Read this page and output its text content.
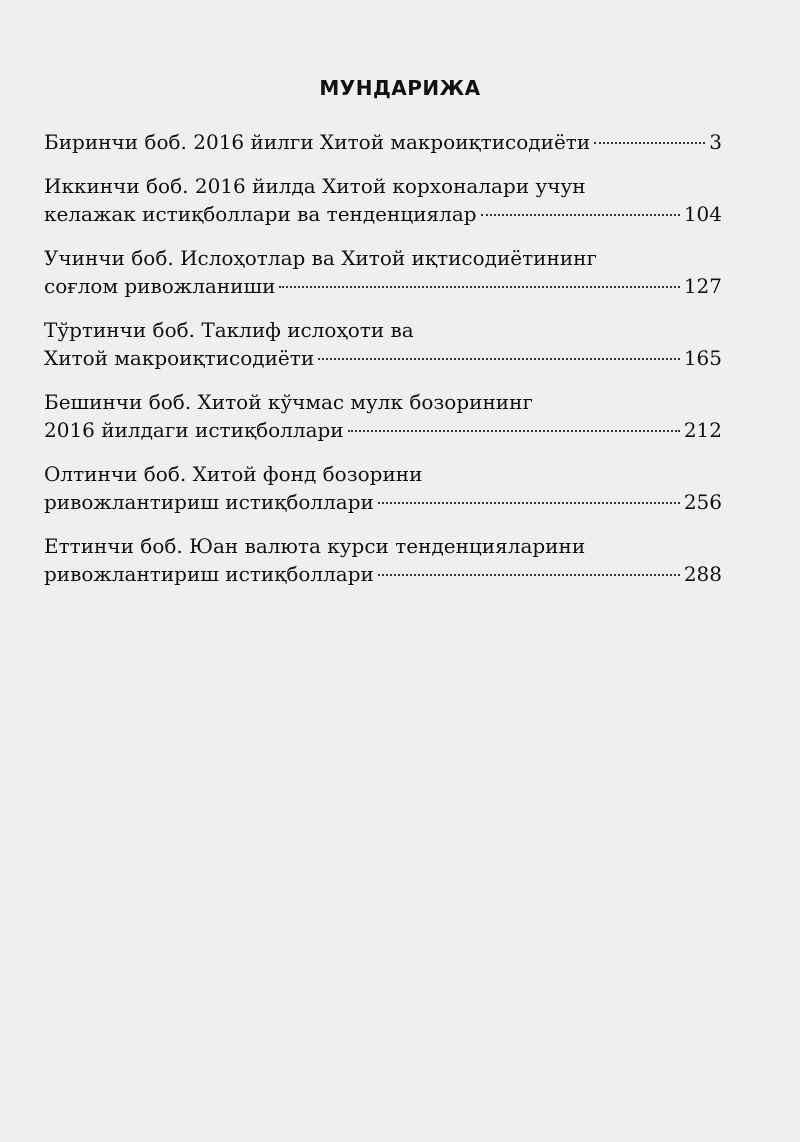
МУНДАРИЖА
Биринчи боб. 2016 йилги Хитой макроиқтисодиёти	3
Иккинчи боб. 2016 йилда Хитой корхоналари учун
келажак истиқболлари ва тенденциялар	104
Учинчи боб. Ислоҳотлар ва Хитой иқтисодиётининг
соғлом ривожланиши	127
Тўртинчи боб. Таклиф ислоҳоти ва
Хитой макроиқтисодиёти	165
Бешинчи боб. Хитой кўчмас мулк бозорининг
2016 йилдаги истиқболлари	212
Олтинчи боб. Хитой фонд бозорини
ривожлантириш истиқболлари	256
Еттинчи боб. Юан валюта курси тенденцияларини
ривожлантириш истиқболлари	288
